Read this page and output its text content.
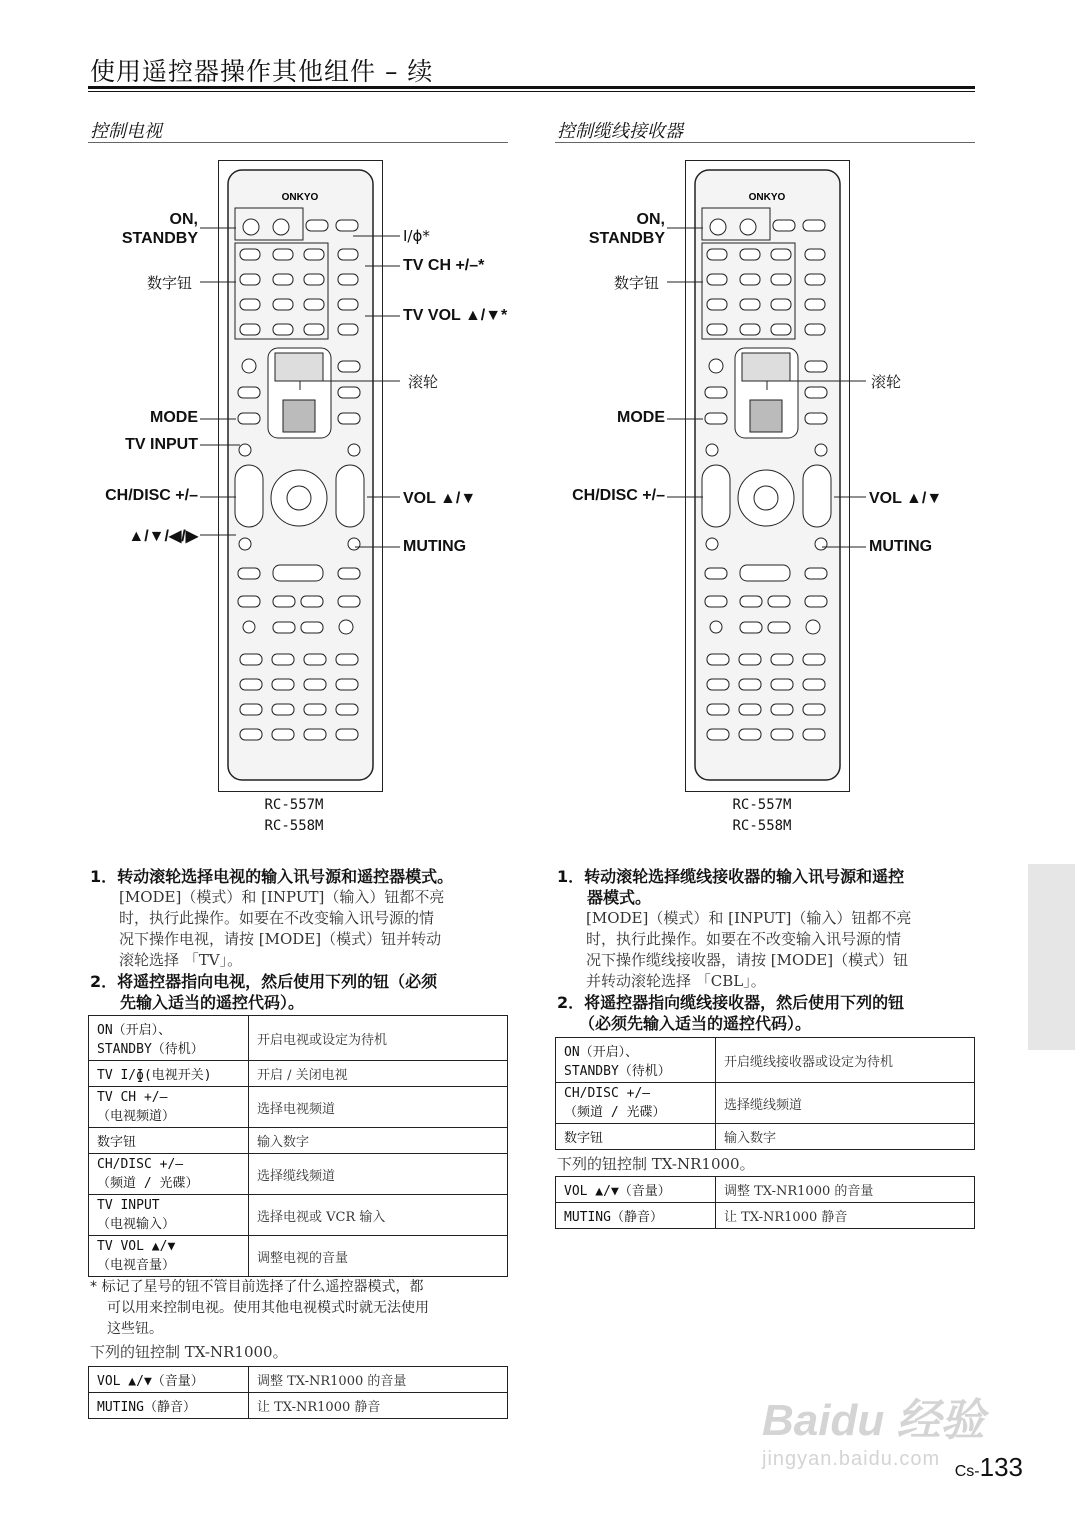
使用遥控器操作其他组件 – 续
控制电视	控制缆线接收器
ONKYO	ONKYO
ON,
STANDBY
数字钮
MODE
TV INPUT
CH/DISC +/–
▲/▼/◀/▶
I/ɸ*
TV CH +/–*
TV VOL ▲/▼*
滚轮
VOL ▲/▼
MUTING
ON,
STANDBY
数字钮
MODE
CH/DISC +/–
滚轮
VOL ▲/▼
MUTING
RC-557M
RC-558M
RC-557M
RC-558M
1．转动滚轮选择电视的输入讯号源和遥控器模式。
[MODE]（模式）和 [INPUT]（输入）钮都不亮
时，执行此操作。如要在不改变输入讯号源的情
况下操作电视，请按 [MODE]（模式）钮并转动
滚轮选择 「TV」。
2．将遥控器指向电视，然后使用下列的钮（必须
先输入适当的遥控代码）。
ON（开启）、
STANDBY（待机）	开启电视或设定为待机
TV I/ɸ(电视开关)	开启 / 关闭电视
TV CH +/–
（电视频道）	选择电视频道
数字钮	输入数字
CH/DISC +/–
（频道 / 光碟）	选择缆线频道
TV INPUT
（电视输入）	选择电视或 VCR 输入
TV VOL ▲/▼
（电视音量）	调整电视的音量
* 标记了星号的钮不管目前选择了什么遥控器模式，都
可以用来控制电视。使用其他电视模式时就无法使用
这些钮。
下列的钮控制 TX-NR1000。
VOL ▲/▼（音量）	调整 TX-NR1000 的音量
MUTING（静音）	让 TX-NR1000 静音
1．转动滚轮选择缆线接收器的输入讯号源和遥控
器模式。
[MODE]（模式）和 [INPUT]（输入）钮都不亮
时，执行此操作。如要在不改变输入讯号源的情
况下操作缆线接收器，请按 [MODE]（模式）钮
并转动滚轮选择 「CBL」。
2．将遥控器指向缆线接收器，然后使用下列的钮
（必须先输入适当的遥控代码）。
ON（开启）、
STANDBY（待机）	开启缆线接收器或设定为待机
CH/DISC +/–
（频道 / 光碟）	选择缆线频道
数字钮	输入数字
下列的钮控制 TX-NR1000。
VOL ▲/▼（音量）	调整 TX-NR1000 的音量
MUTING（静音）	让 TX-NR1000 静音
Baidu 经验
jingyan.baidu.com
Cs-133
